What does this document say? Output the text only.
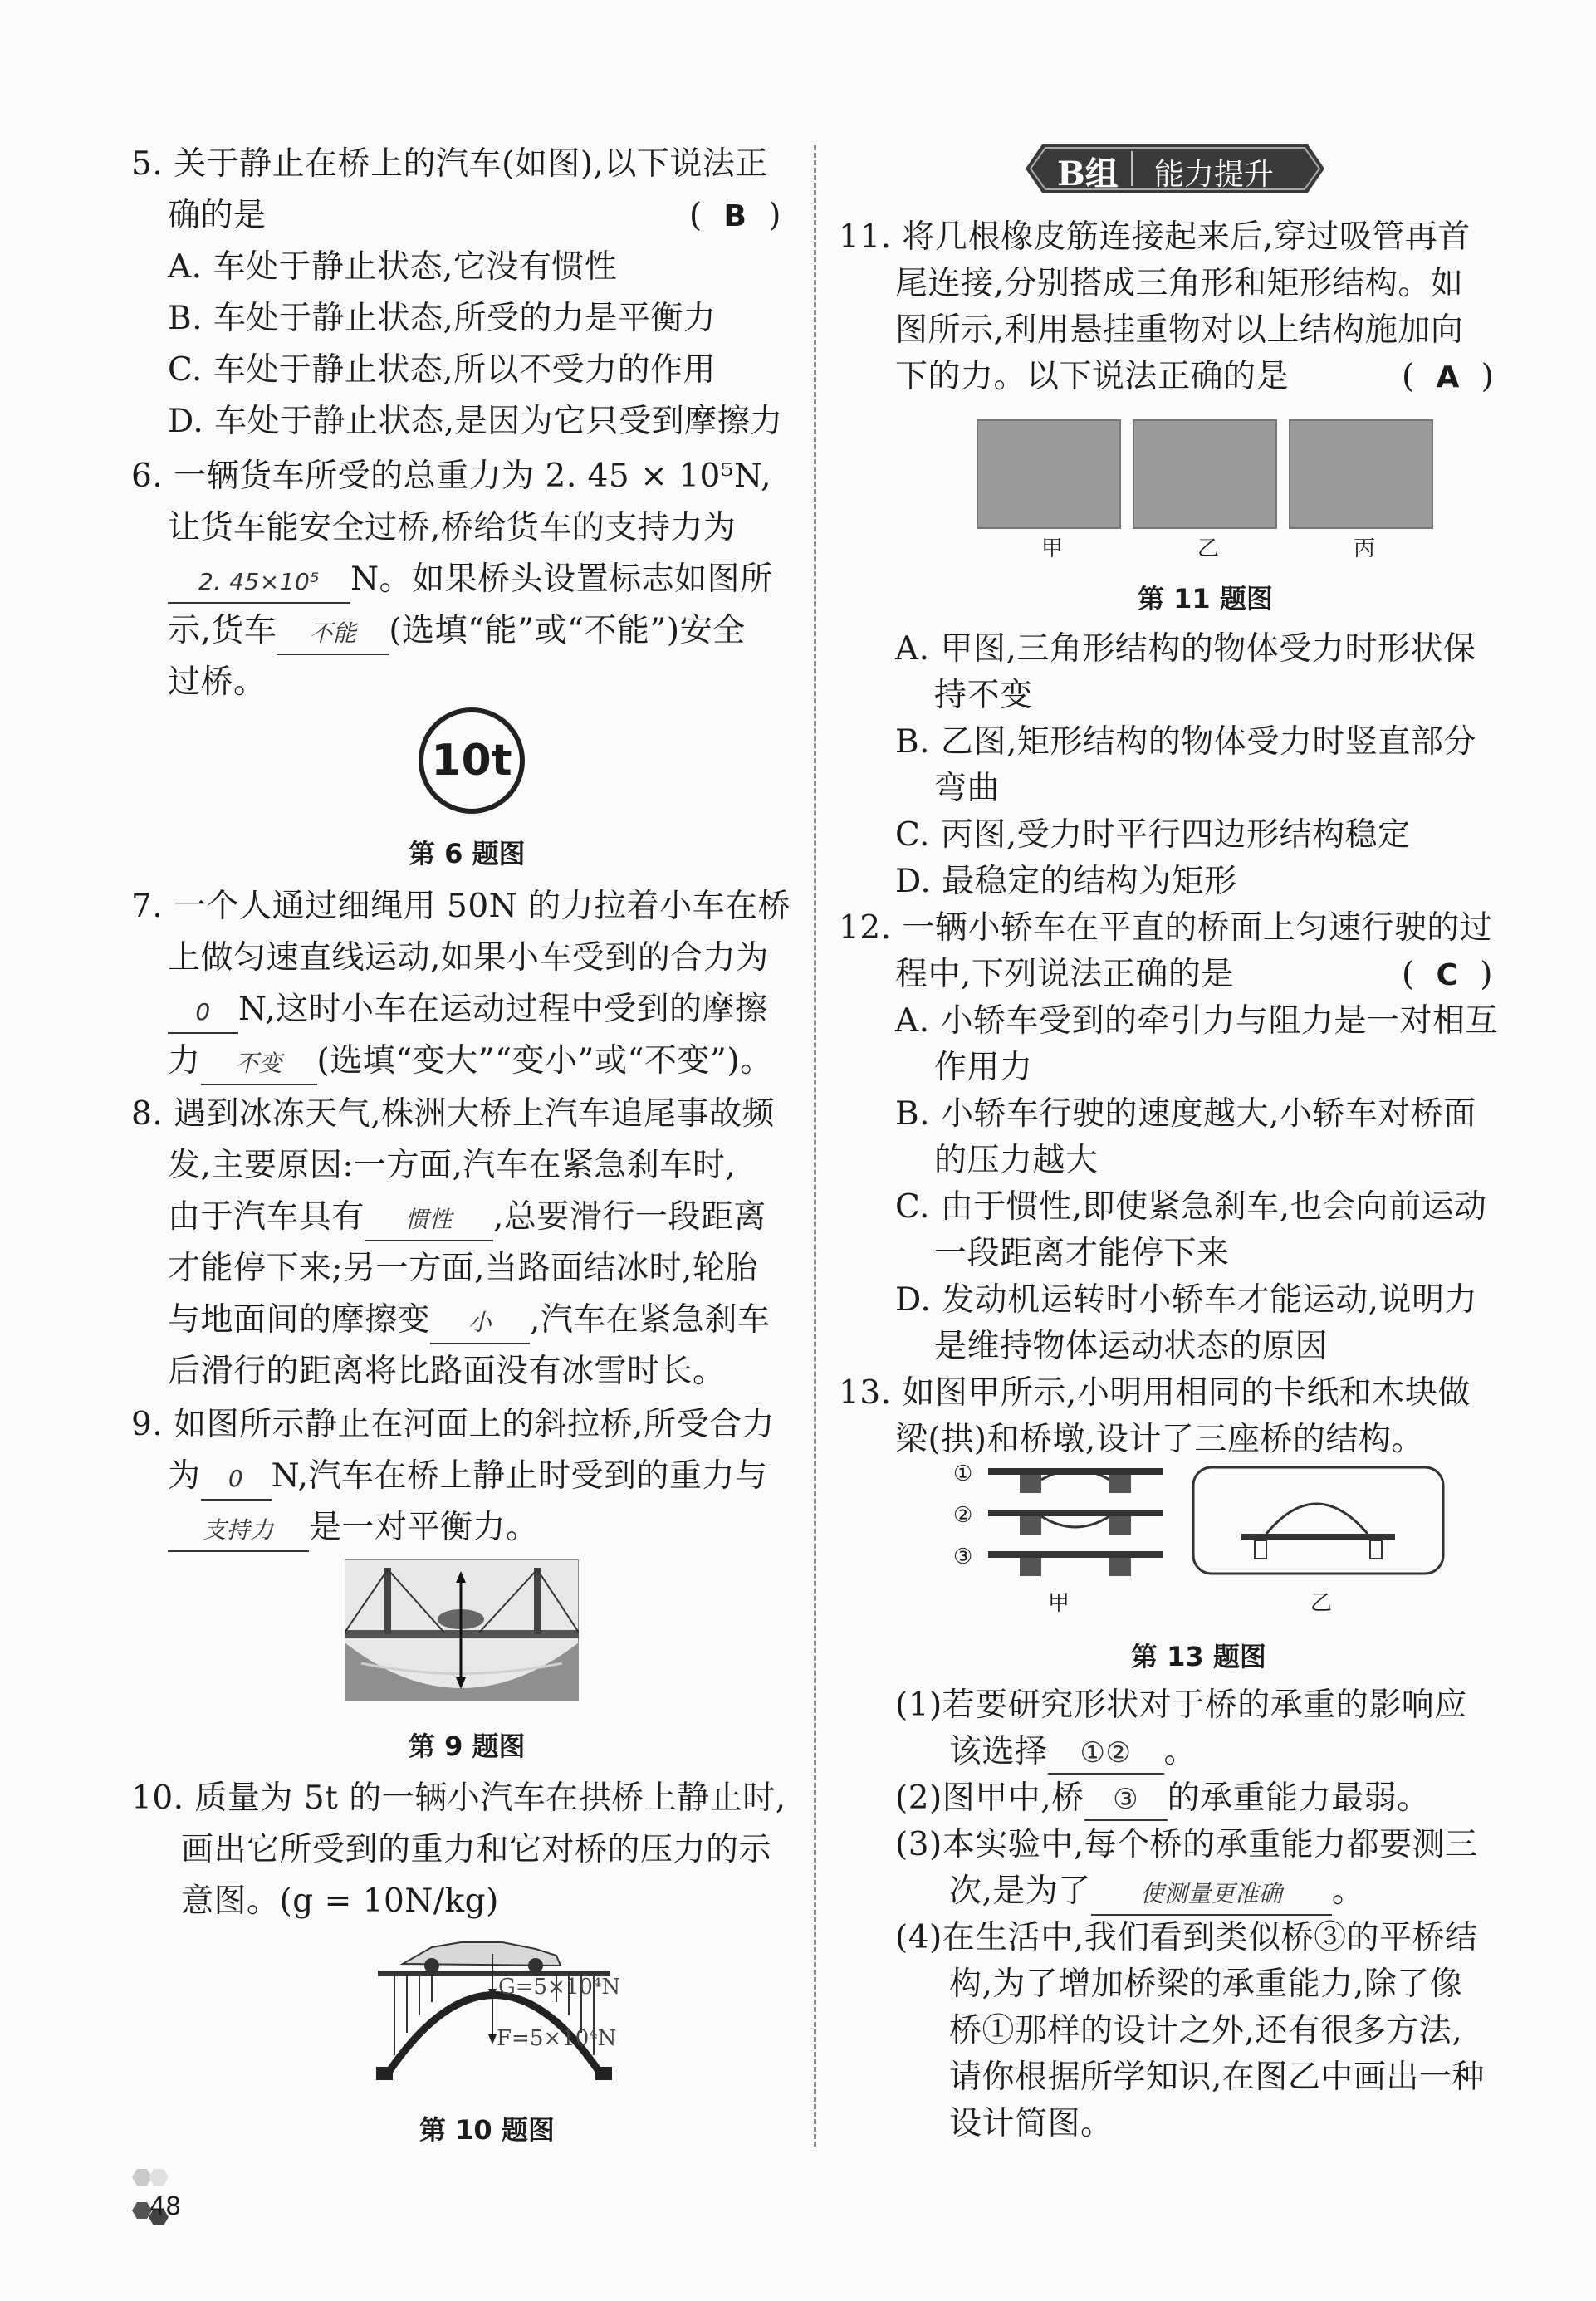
5. 关于静止在桥上的汽车(如图),以下说法正
确的是	(  B  )
A. 车处于静止状态,它没有惯性
B. 车处于静止状态,所受的力是平衡力
C. 车处于静止状态,所以不受力的作用
D. 车处于静止状态,是因为它只受到摩擦力
6. 一辆货车所受的总重力为 2. 45 × 10⁵N,
让货车能安全过桥,桥给货车的支持力为
2. 45×10⁵ N。如果桥头设置标志如图所
示,货车 不能 (选填“能”或“不能”)安全
过桥。
10t
第 6 题图
7. 一个人通过细绳用 50N 的力拉着小车在桥
上做匀速直线运动,如果小车受到的合力为
0 N,这时小车在运动过程中受到的摩擦
力 不变 (选填“变大”“变小”或“不变”)。
8. 遇到冰冻天气,株洲大桥上汽车追尾事故频
发,主要原因:一方面,汽车在紧急刹车时,
由于汽车具有 惯性 ,总要滑行一段距离
才能停下来;另一方面,当路面结冰时,轮胎
与地面间的摩擦变 小 ,汽车在紧急刹车
后滑行的距离将比路面没有冰雪时长。
9. 如图所示静止在河面上的斜拉桥,所受合力
为 0 N,汽车在桥上静止时受到的重力与
支持力 是一对平衡力。
第 9 题图
10. 质量为 5t 的一辆小汽车在拱桥上静止时,
画出它所受到的重力和它对桥的压力的示
意图。(g = 10N/kg)
G=5×10⁴N
F=5×10⁴N
第 10 题图
48
B组 能力提升
11. 将几根橡皮筋连接起来后,穿过吸管再首
尾连接,分别搭成三角形和矩形结构。如
图所示,利用悬挂重物对以上结构施加向
下的力。以下说法正确的是	(  A  )
甲	乙	丙
第 11 题图
A. 甲图,三角形结构的物体受力时形状保
持不变
B. 乙图,矩形结构的物体受力时竖直部分
弯曲
C. 丙图,受力时平行四边形结构稳定
D. 最稳定的结构为矩形
12. 一辆小轿车在平直的桥面上匀速行驶的过
程中,下列说法正确的是	(  C  )
A. 小轿车受到的牵引力与阻力是一对相互
作用力
B. 小轿车行驶的速度越大,小轿车对桥面
的压力越大
C. 由于惯性,即使紧急刹车,也会向前运动
一段距离才能停下来
D. 发动机运转时小轿车才能运动,说明力
是维持物体运动状态的原因
13. 如图甲所示,小明用相同的卡纸和木块做
梁(拱)和桥墩,设计了三座桥的结构。
①
②
③
甲	乙
第 13 题图
(1)若要研究形状对于桥的承重的影响应
该选择 ①② 。
(2)图甲中,桥 ③ 的承重能力最弱。
(3)本实验中,每个桥的承重能力都要测三
次,是为了 使测量更准确 。
(4)在生活中,我们看到类似桥③的平桥结
构,为了增加桥梁的承重能力,除了像
桥①那样的设计之外,还有很多方法,
请你根据所学知识,在图乙中画出一种
设计简图。
